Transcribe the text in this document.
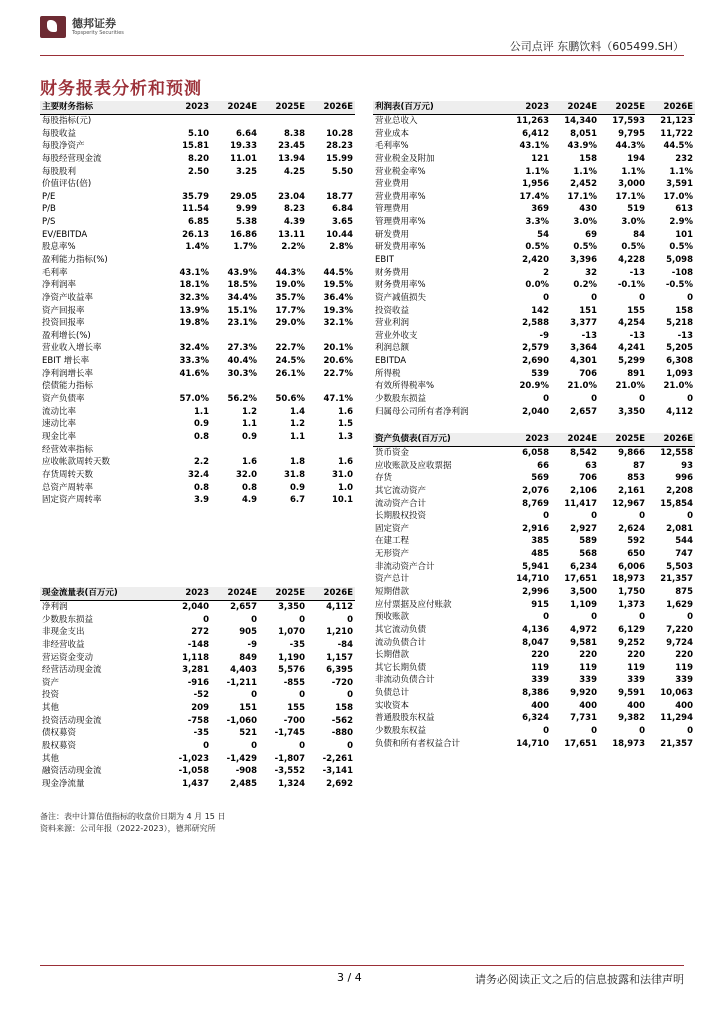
德邦证券
Topsperity Securities
公司点评 东鹏饮料（605499.SH）
财务报表分析和预测
主要财务指标	2023	2024E	2025E	2026E
每股指标(元)				
每股收益	5.10	6.64	8.38	10.28
每股净资产	15.81	19.33	23.45	28.23
每股经营现金流	8.20	11.01	13.94	15.99
每股股利	2.50	3.25	4.25	5.50
价值评估(倍)				
P/E	35.79	29.05	23.04	18.77
P/B	11.54	9.99	8.23	6.84
P/S	6.85	5.38	4.39	3.65
EV/EBITDA	26.13	16.86	13.11	10.44
股息率%	1.4%	1.7%	2.2%	2.8%
盈利能力指标(%)				
毛利率	43.1%	43.9%	44.3%	44.5%
净利润率	18.1%	18.5%	19.0%	19.5%
净资产收益率	32.3%	34.4%	35.7%	36.4%
资产回报率	13.9%	15.1%	17.7%	19.3%
投资回报率	19.8%	23.1%	29.0%	32.1%
盈利增长(%)				
营业收入增长率	32.4%	27.3%	22.7%	20.1%
EBIT 增长率	33.3%	40.4%	24.5%	20.6%
净利润增长率	41.6%	30.3%	26.1%	22.7%
偿债能力指标				
资产负债率	57.0%	56.2%	50.6%	47.1%
流动比率	1.1	1.2	1.4	1.6
速动比率	0.9	1.1	1.2	1.5
现金比率	0.8	0.9	1.1	1.3
经营效率指标				
应收帐款周转天数	2.2	1.6	1.8	1.6
存货周转天数	32.4	32.0	31.8	31.0
总资产周转率	0.8	0.8	0.9	1.0
固定资产周转率	3.9	4.9	6.7	10.1
利润表(百万元)	2023	2024E	2025E	2026E
营业总收入	11,263	14,340	17,593	21,123
营业成本	6,412	8,051	9,795	11,722
毛利率%	43.1%	43.9%	44.3%	44.5%
营业税金及附加	121	158	194	232
营业税金率%	1.1%	1.1%	1.1%	1.1%
营业费用	1,956	2,452	3,000	3,591
营业费用率%	17.4%	17.1%	17.1%	17.0%
管理费用	369	430	519	613
管理费用率%	3.3%	3.0%	3.0%	2.9%
研发费用	54	69	84	101
研发费用率%	0.5%	0.5%	0.5%	0.5%
EBIT	2,420	3,396	4,228	5,098
财务费用	2	32	-13	-108
财务费用率%	0.0%	0.2%	-0.1%	-0.5%
资产减值损失	0	0	0	0
投资收益	142	151	155	158
营业利润	2,588	3,377	4,254	5,218
营业外收支	-9	-13	-13	-13
利润总额	2,579	3,364	4,241	5,205
EBITDA	2,690	4,301	5,299	6,308
所得税	539	706	891	1,093
有效所得税率%	20.9%	21.0%	21.0%	21.0%
少数股东损益	0	0	0	0
归属母公司所有者净利润	2,040	2,657	3,350	4,112
资产负债表(百万元)	2023	2024E	2025E	2026E
货币资金	6,058	8,542	9,866	12,558
应收账款及应收票据	66	63	87	93
存货	569	706	853	996
其它流动资产	2,076	2,106	2,161	2,208
流动资产合计	8,769	11,417	12,967	15,854
长期股权投资	0	0	0	0
固定资产	2,916	2,927	2,624	2,081
在建工程	385	589	592	544
无形资产	485	568	650	747
非流动资产合计	5,941	6,234	6,006	5,503
资产总计	14,710	17,651	18,973	21,357
短期借款	2,996	3,500	1,750	875
应付票据及应付账款	915	1,109	1,373	1,629
预收账款	0	0	0	0
其它流动负债	4,136	4,972	6,129	7,220
流动负债合计	8,047	9,581	9,252	9,724
长期借款	220	220	220	220
其它长期负债	119	119	119	119
非流动负债合计	339	339	339	339
负债总计	8,386	9,920	9,591	10,063
实收资本	400	400	400	400
普通股股东权益	6,324	7,731	9,382	11,294
少数股东权益	0	0	0	0
负债和所有者权益合计	14,710	17,651	18,973	21,357
现金流量表(百万元)	2023	2024E	2025E	2026E
净利润	2,040	2,657	3,350	4,112
少数股东损益	0	0	0	0
非现金支出	272	905	1,070	1,210
非经营收益	-148	-9	-35	-84
营运资金变动	1,118	849	1,190	1,157
经营活动现金流	3,281	4,403	5,576	6,395
资产	-916	-1,211	-855	-720
投资	-52	0	0	0
其他	209	151	155	158
投资活动现金流	-758	-1,060	-700	-562
债权募资	-35	521	-1,745	-880
股权募资	0	0	0	0
其他	-1,023	-1,429	-1,807	-2,261
融资活动现金流	-1,058	-908	-3,552	-3,141
现金净流量	1,437	2,485	1,324	2,692
备注：表中计算估值指标的收盘价日期为 4 月 15 日
资料来源：公司年报（2022-2023），德邦研究所
3 / 4	请务必阅读正文之后的信息披露和法律声明
